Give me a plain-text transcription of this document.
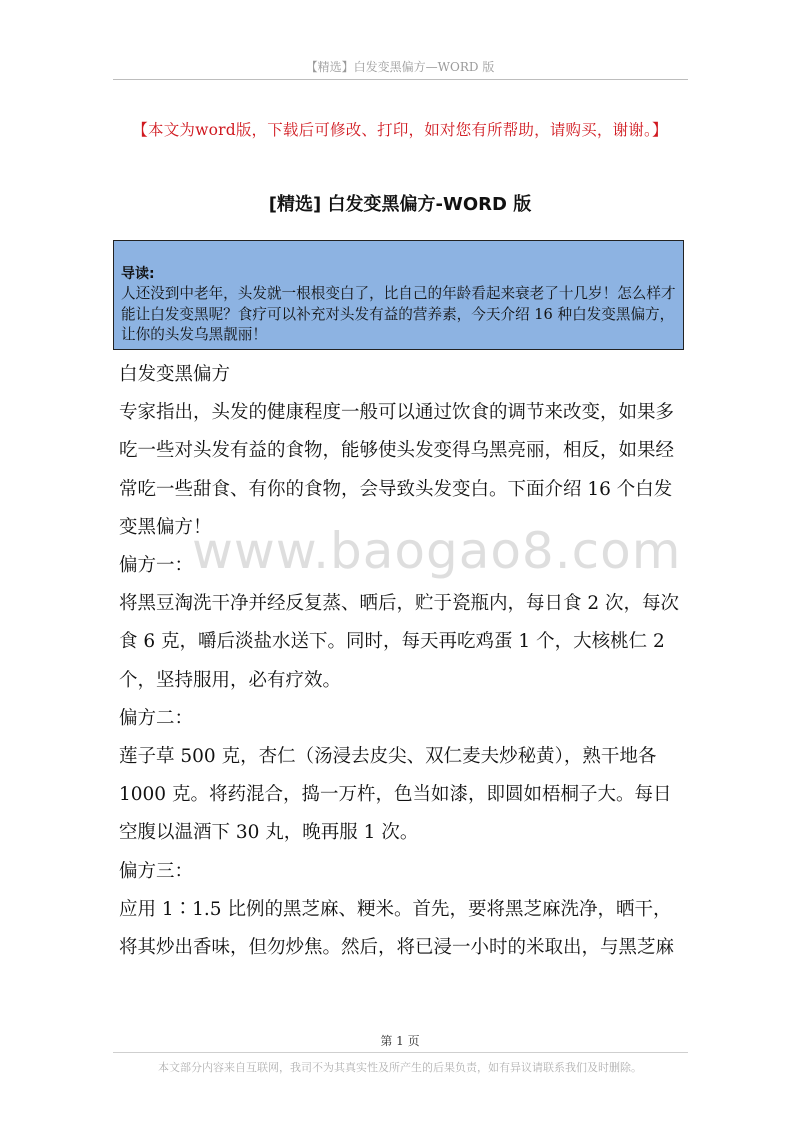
【精选】白发变黑偏方—WORD 版
【本文为word版，下载后可修改、打印，如对您有所帮助，请购买，谢谢。】
[精选] 白发变黑偏方-WORD 版
导读:
人还没到中老年，头发就一根根变白了，比自己的年龄看起来衰老了十几岁！怎么样才能让白发变黑呢？食疗可以补充对头发有益的营养素，今天介绍 16 种白发变黑偏方，让你的头发乌黑靓丽！

白发变黑偏方

专家指出，头发的健康程度一般可以通过饮食的调节来改变，如果多吃一些对头发有益的食物，能够使头发变得乌黑亮丽，相反，如果经常吃一些甜食、有你的食物，会导致头发变白。下面介绍 16 个白发变黑偏方！

偏方一：

将黑豆淘洗干净并经反复蒸、晒后，贮于瓷瓶内，每日食 2 次，每次食 6 克，嚼后淡盐水送下。同时，每天再吃鸡蛋 1 个，大核桃仁 2 个，坚持服用，必有疗效。

偏方二：

莲子草 500 克，杏仁（汤浸去皮尖、双仁麦夫炒秘黄），熟干地各 1000 克。将药混合，捣一万杵，色当如漆，即圆如梧桐子大。每日空腹以温酒下 30 丸，晚再服 1 次。

偏方三：

应用 1∶1.5 比例的黑芝麻、粳米。首先，要将黑芝麻洗净，晒干，将其炒出香味，但勿炒焦。然后，将已浸一小时的米取出，与黑芝麻

www.baogao8.com
第 1 页
本文部分内容来自互联网，我司不为其真实性及所产生的后果负责，如有异议请联系我们及时删除。
